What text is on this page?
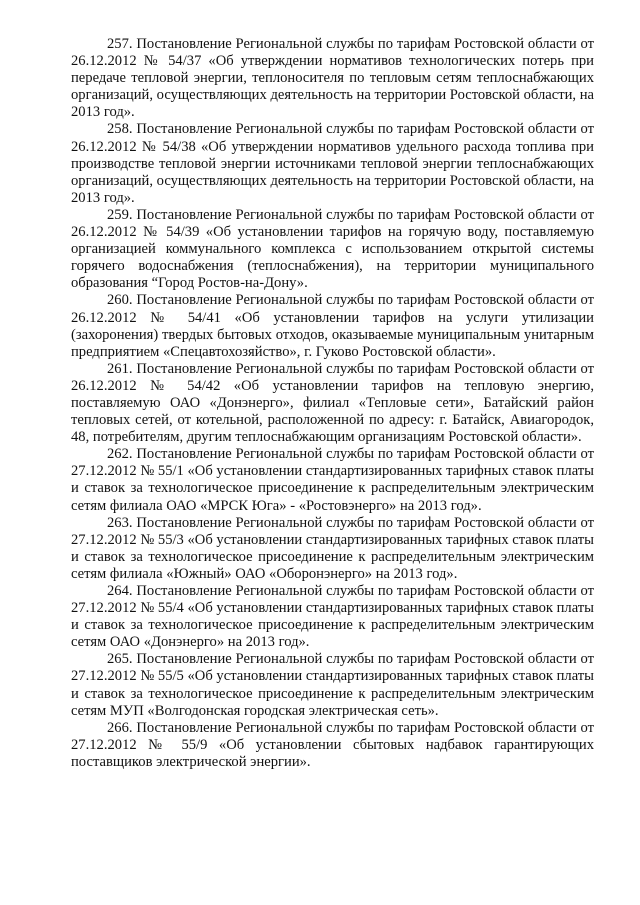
257. Постановление Региональной службы по тарифам Ростовской области от 26.12.2012 № 54/37 «Об утверждении нормативов технологических потерь при передаче тепловой энергии, теплоносителя по тепловым сетям теплоснабжающих организаций, осуществляющих деятельность на территории Ростовской области, на 2013 год».

258. Постановление Региональной службы по тарифам Ростовской области от 26.12.2012 № 54/38 «Об утверждении нормативов удельного расхода топлива при производстве тепловой энергии источниками тепловой энергии теплоснабжающих организаций, осуществляющих деятельность на территории Ростовской области, на 2013 год».

259. Постановление Региональной службы по тарифам Ростовской области от 26.12.2012 № 54/39 «Об установлении тарифов на горячую воду, поставляемую организацией коммунального комплекса с использованием открытой системы горячего водоснабжения (теплоснабжения), на территории муниципального образования “Город Ростов-на-Дону».

260. Постановление Региональной службы по тарифам Ростовской области от 26.12.2012 № 54/41 «Об установлении тарифов на услуги утилизации (захоронения) твердых бытовых отходов, оказываемые муниципальным унитарным предприятием «Спецавтохозяйство», г. Гуково Ростовской области».

261. Постановление Региональной службы по тарифам Ростовской области от 26.12.2012 № 54/42 «Об установлении тарифов на тепловую энергию, поставляемую ОАО «Донэнерго», филиал «Тепловые сети», Батайский район тепловых сетей, от котельной, расположенной по адресу: г. Батайск, Авиагородок, 48, потребителям, другим теплоснабжающим организациям Ростовской области».

262. Постановление Региональной службы по тарифам Ростовской области от 27.12.2012 № 55/1 «Об установлении стандартизированных тарифных ставок платы и ставок за технологическое присоединение к распределительным электрическим сетям филиала ОАО «МРСК Юга» - «Ростовэнерго» на 2013 год».

263. Постановление Региональной службы по тарифам Ростовской области от 27.12.2012 № 55/3 «Об установлении стандартизированных тарифных ставок платы и ставок за технологическое присоединение к распределительным электрическим сетям филиала «Южный» ОАО «Оборонэнерго» на 2013 год».

264. Постановление Региональной службы по тарифам Ростовской области от 27.12.2012 № 55/4 «Об установлении стандартизированных тарифных ставок платы и ставок за технологическое присоединение к распределительным электрическим сетям ОАО «Донэнерго» на 2013 год».

265. Постановление Региональной службы по тарифам Ростовской области от 27.12.2012 № 55/5 «Об установлении стандартизированных тарифных ставок платы и ставок за технологическое присоединение к распределительным электрическим сетям МУП «Волгодонская городская электрическая сеть».

266. Постановление Региональной службы по тарифам Ростовской области от 27.12.2012 № 55/9 «Об установлении сбытовых надбавок гарантирующих поставщиков электрической энергии».
